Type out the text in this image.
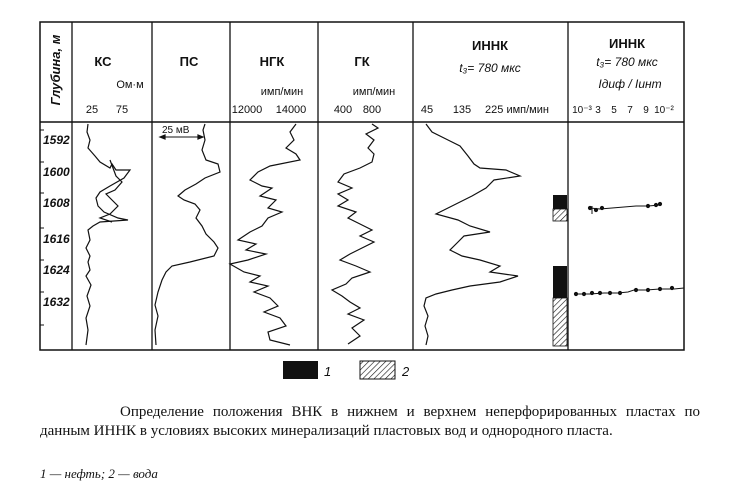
Глубина, м
1592
1600
1608
1616
1624
1632
КС
Ом·м
25 75
ПС	НГК
имп/мин
12000 14000
ГК
имп/мин
400 800
ИННК
t₃= 780 мкс
45 135 225 имп/мин
ИННК
t₃= 780 мкс
Iдиф / Iинт
10⁻³ 3 5 7 9 10⁻²
25 мВ
1	2

Определение положения ВНК в нижнем и верхнем неперфорированных пластах по данным ИННК в условиях высоких минерализаций пластовых вод и однородного пласта.

1 — нефть; 2 — вода
